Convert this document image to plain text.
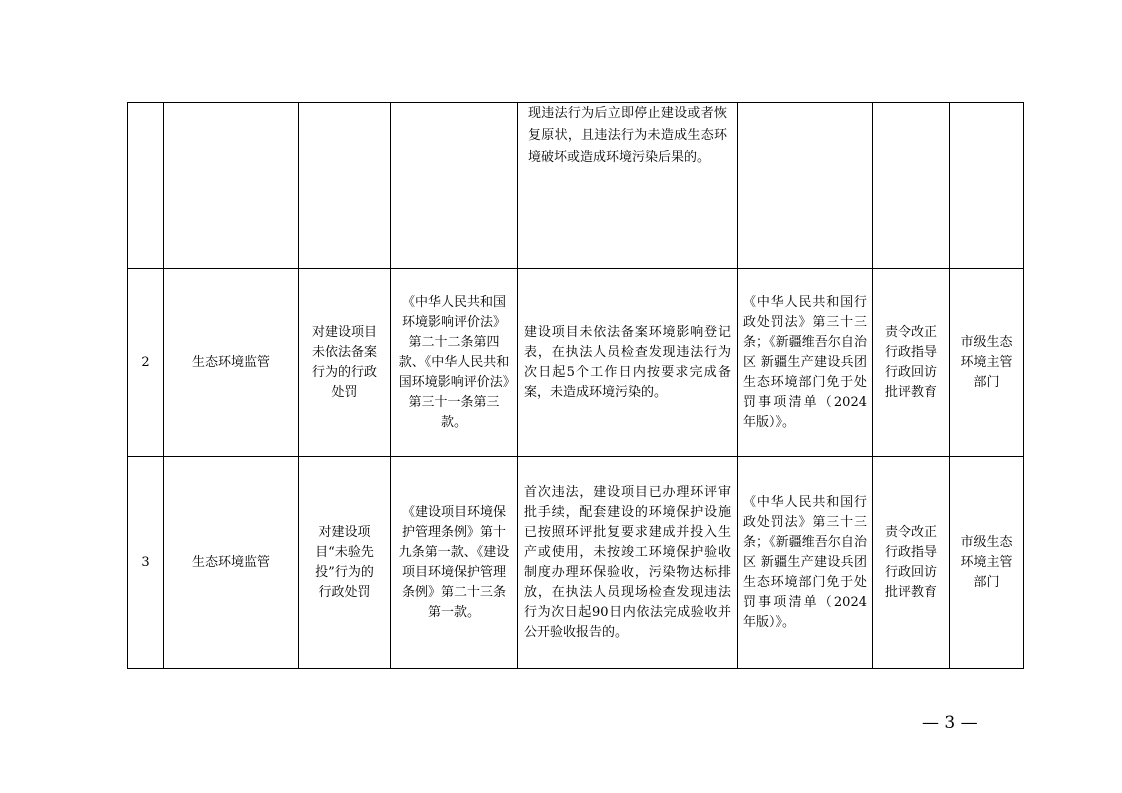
				现违法行为后立即停止建设或者恢复原状，且违法行为未造成生态环境破坏或造成环境污染后果的。			

2	生态环境监管	对建设项目未依法备案行为的行政处罚	《中华人民共和国环境影响评价法》第二十二条第四款、《中华人民共和国环境影响评价法》第三十一条第三款。	建设项目未依法备案环境影响登记表，在执法人员检查发现违法行为次日起5个工作日内按要求完成备案，未造成环境污染的。	《中华人民共和国行政处罚法》第三十三条；《新疆维吾尔自治区 新疆生产建设兵团生态环境部门免于处罚事项清单（2024年版）》。	责令改正行政指导行政回访批评教育	市级生态环境主管部门

3	生态环境监管	对建设项目“未验先投”行为的行政处罚	《建设项目环境保护管理条例》第十九条第一款、《建设项目环境保护管理条例》第二十三条第一款。	首次违法，建设项目已办理环评审批手续，配套建设的环境保护设施已按照环评批复要求建成并投入生产或使用，未按竣工环境保护验收制度办理环保验收，污染物达标排放，在执法人员现场检查发现违法行为次日起90日内依法完成验收并公开验收报告的。	《中华人民共和国行政处罚法》第三十三条；《新疆维吾尔自治区 新疆生产建设兵团生态环境部门免于处罚事项清单（2024年版）》。	责令改正行政指导行政回访批评教育	市级生态环境主管部门
— 3 —
